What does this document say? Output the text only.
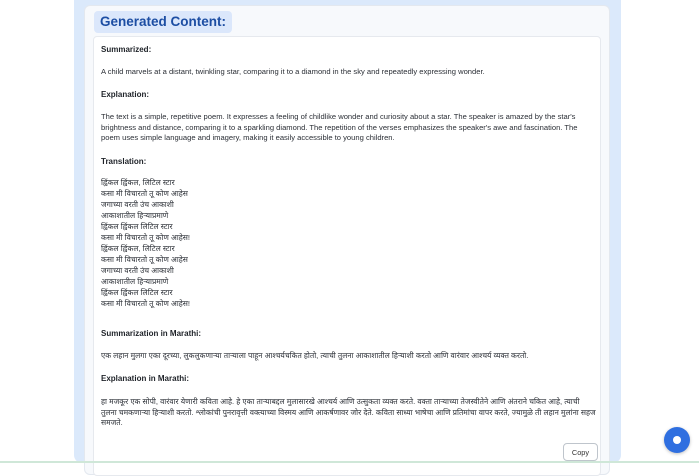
Generated Content:
Summarized:
A child marvels at a distant, twinkling star, comparing it to a diamond in the sky and repeatedly expressing wonder.
Explanation:
The text is a simple, repetitive poem. It expresses a feeling of childlike wonder and curiosity about a star. The speaker is amazed by the star's brightness and distance, comparing it to a sparkling diamond. The repetition of the verses emphasizes the speaker's awe and fascination. The poem uses simple language and imagery, making it easily accessible to young children.
Translation:
ह्विंकल ह्विंकल, लिटिल स्टार
कसा मी विचारतो तू कोण आहेस
जगाच्या वरती उंच आकाशी
आकाशातील हिऱ्याप्रमाणे
ह्विंकल ह्विंकल लिटिल स्टार
कसा मी विचारतो तू कोण आहेस!
ह्विंकल ह्विंकल, लिटिल स्टार
कसा मी विचारतो तू कोण आहेस
जगाच्या वरती उंच आकाशी
आकाशातील हिऱ्याप्रमाणे
ह्विंकल ह्विंकल लिटिल स्टार
कसा मी विचारतो तू कोण आहेस!
Summarization in Marathi:
एक लहान मुलगा एका दूरच्या, लुकलुकणाऱ्या ताऱ्याला पाहून आश्चर्यचकित होतो, त्याची तुलना आकाशातील हिऱ्याशी करतो आणि वारंवार आश्चर्य व्यक्त करतो.
Explanation in Marathi:
हा मजकूर एक सोपी, वारंवार येणारी कविता आहे. हे एका ताऱ्याबद्दल मुलासारखे आश्चर्य आणि उत्सुकता व्यक्त करते. वक्ता ताऱ्याच्या तेजस्वीतेने आणि अंतराने चकित आहे, त्याची तुलना चमकणाऱ्या हिऱ्याशी करतो. श्लोकांची पुनरावृत्ती वक्त्याच्या विस्मय आणि आकर्षणावर जोर देते. कविता साध्या भाषेचा आणि प्रतिमांचा वापर करते, ज्यामुळे ती लहान मुलांना सहज समजते.
Copy
